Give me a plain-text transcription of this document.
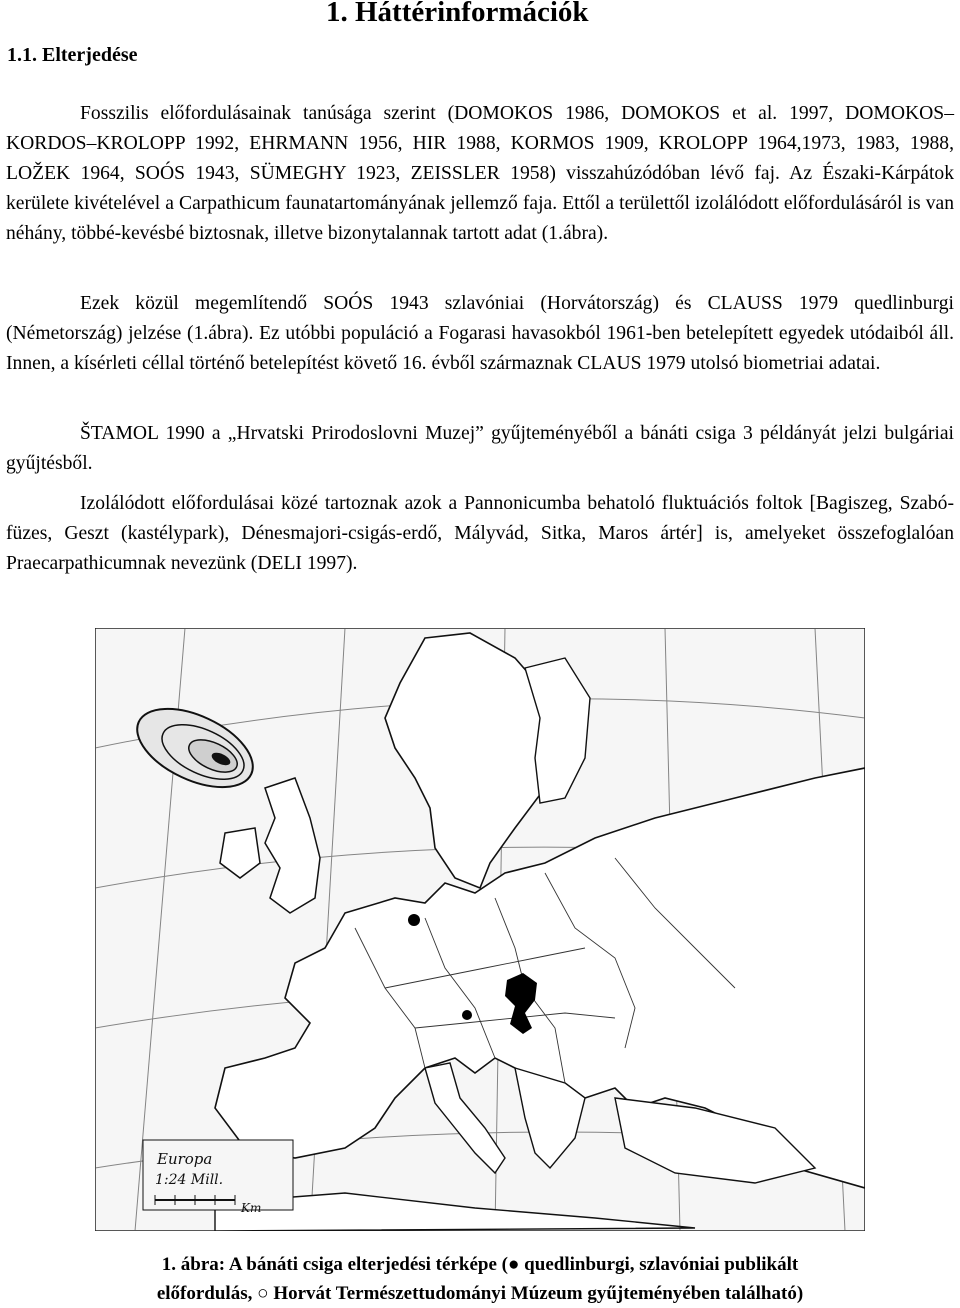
1. Háttérinformációk
1.1. Elterjedése

Fosszilis előfordulásainak tanúsága szerint (DOMOKOS 1986, DOMOKOS et al. 1997, DOMOKOS–KORDOS–KROLOPP 1992, EHRMANN 1956, HIR 1988, KORMOS 1909, KROLOPP 1964,1973, 1983, 1988, LOŽEK 1964, SOÓS 1943, SÜMEGHY 1923, ZEISSLER 1958) visszahúzódóban lévő faj. Az Északi-Kárpátok kerülete kivételével a Carpathicum faunatartományának jellemző faja. Ettől a területtől izolálódott előfordulásáról is van néhány, többé-kevésbé biztosnak, illetve bizonytalannak tartott adat (1.ábra).

Ezek közül megemlítendő SOÓS 1943 szlavóniai (Horvátország) és CLAUSS 1979 quedlinburgi (Németország) jelzése (1.ábra). Ez utóbbi populáció a Fogarasi havasokból 1961-ben betelepített egyedek utódaiból áll. Innen, a kísérleti céllal történő betelepítést követő 16. évből származnak CLAUS 1979 utolsó biometriai adatai.

ŠTAMOL 1990 a „Hrvatski Prirodoslovni Muzej” gyűjteményéből a bánáti csiga 3 példányát jelzi bulgáriai gyűjtésből.

Izolálódott előfordulásai közé tartoznak azok a Pannonicumba behatoló fluktuációs foltok [Bagiszeg, Szabó-füzes, Geszt (kastélypark), Dénesmajori-csigás-erdő, Mályvád, Sitka, Maros ártér] is, amelyeket összefoglalóan Praecarpathicumnak nevezünk (DELI 1997).

Europa
1:24 Mill.
Km
1. ábra: A bánáti csiga elterjedési térképe (● quedlinburgi, szlavóniai publikált
előfordulás, ○ Horvát Természettudományi Múzeum gyűjteményében található)
